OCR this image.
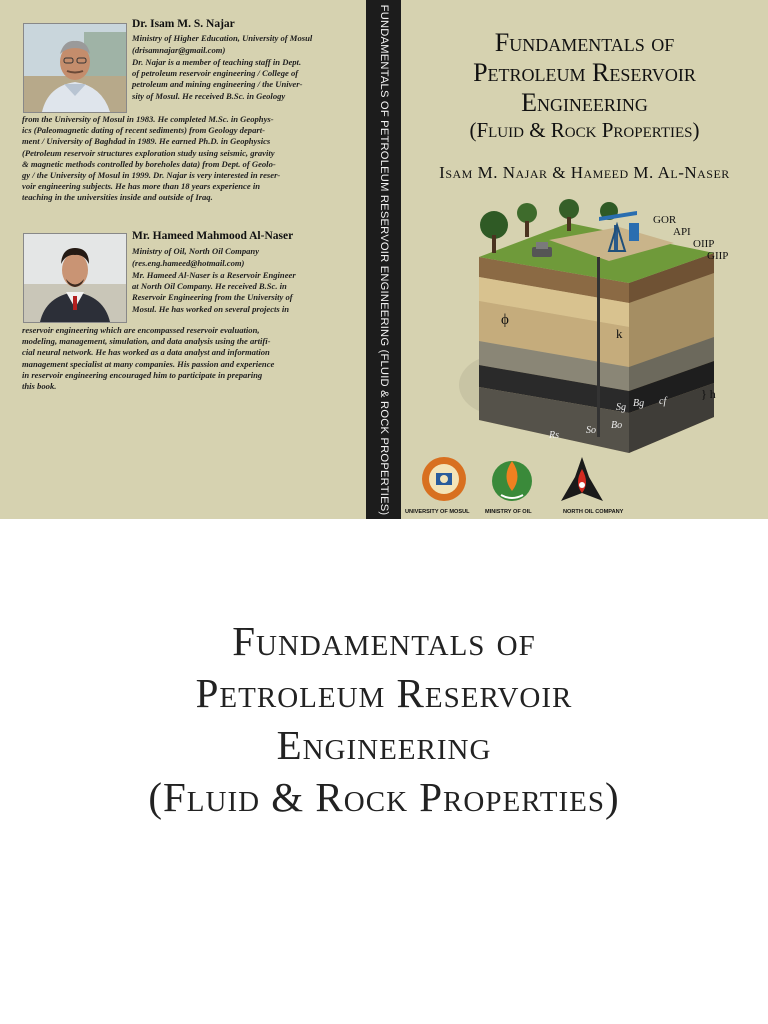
Dr. Isam M. S. Najar

Ministry of Higher Education, University of Mosul

(drisamnajar@gmail.com)

Dr. Najar is a member of teaching staff in Dept.
of petroleum reservoir engineering / College of
petroleum and mining engineering / the Univer-
sity of Mosul. He received B.Sc. in Geology
from the University of Mosul in 1983. He completed M.Sc. in Geophys-
ics (Paleomagnetic dating of recent sediments) from Geology depart-
ment / University of Baghdad in 1989. He earned Ph.D. in Geophysics
(Petroleum reservoir structures exploration study using seismic, gravity
& magnetic methods controlled by boreholes data) from Dept. of Geolo-
gy / the University of Mosul in 1999. Dr. Najar is very interested in reser-
voir engineering subjects. He has more than 18 years experience in
teaching in the universities inside and outside of Iraq.

Mr. Hameed Mahmood Al-Naser

Ministry of Oil, North Oil Company

(res.eng.hameed@hotmail.com)

Mr. Hameed Al-Naser is a Reservoir Engineer
at North Oil Company. He received B.Sc. in
Reservoir Engineering from the University of
Mosul. He has worked on several projects in
reservoir engineering which are encompassed reservoir evaluation,
modeling, management, simulation, and data analysis using the artifi-
cial neural network. He has worked as a data analyst and information
management specialist at many companies. His passion and experience
in reservoir engineering encouraged him to participate in preparing
this book.	FUNDAMENTALS OF PETROLEUM RESERVOIR ENGINEERING (FLUID & ROCK PROPERTIES)	Fundamentals of

Petroleum Reservoir

Engineering

(Fluid & Rock Properties)

Isam M. Najar & Hameed M. Al-Naser

GOR
API
OIIP
GIIP
ϕ
k
} h
Sg Bg cf
Rs	So Bo
UNIVERSITY OF MOSUL	MINISTRY OF OIL	NORTH OIL COMPANY

Fundamentals of

Petroleum Reservoir

Engineering

(Fluid & Rock Properties)
